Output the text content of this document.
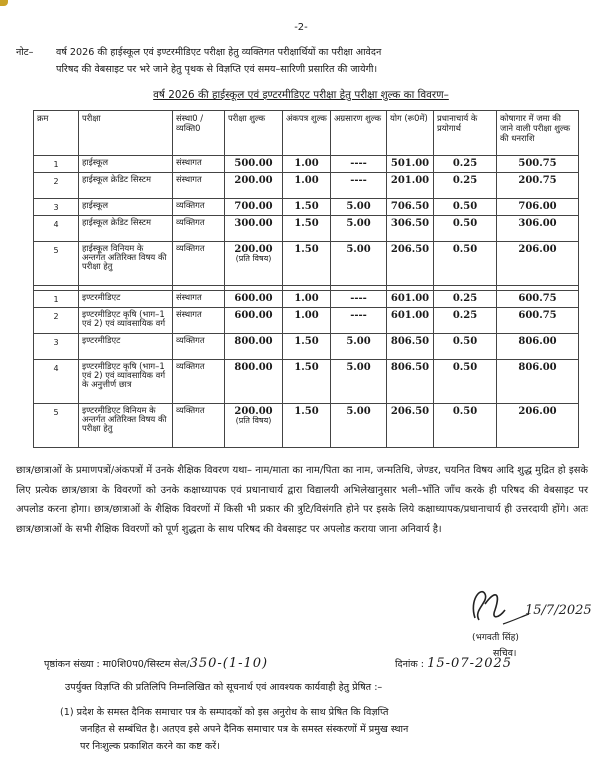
-2-
नोट– वर्ष 2026 की हाईस्कूल एवं इण्टरमीडिएट परीक्षा हेतु व्यक्तिगत परीक्षार्थियों का परीक्षा आवेदन
परिषद की वेबसाइट पर भरे जाने हेतु पृथक से विज्ञप्ति एवं समय–सारिणी प्रसारित की जायेगी।
वर्ष 2026 की हाईस्कूल एवं इण्टरमीडिएट परीक्षा हेतु परीक्षा शुल्क का विवरण–
क्रम	परीक्षा	संस्था0 / व्यक्ति0	परीक्षा शुल्क	अंकपत्र शुल्क	अग्रसारण शुल्क	योग (रू0में)	प्रधानाचार्य के प्रयोगार्थ	कोषागार में जमा की जाने वाली परीक्षा शुल्क की धनराशि
1	हाईस्कूल	संस्थागत	500.00	1.00	----	501.00	0.25	500.75
2	हाईस्कूल क्रेडिट सिस्टम	संस्थागत	200.00	1.00	----	201.00	0.25	200.75
3	हाईस्कूल	व्यक्तिगत	700.00	1.50	5.00	706.50	0.50	706.00
4	हाईस्कूल क्रेडिट सिस्टम	व्यक्तिगत	300.00	1.50	5.00	306.50	0.50	306.00
5	हाईस्कूल विनियम के अन्तर्गत अतिरिक्त विषय की परीक्षा हेतु	व्यक्तिगत	200.00
(प्रति विषय)	1.50	5.00	206.50	0.50	206.00

1	इण्टरमीडिएट	संस्थागत	600.00	1.00	----	601.00	0.25	600.75
2	इण्टरमीडिएट कृषि (भाग–1 एवं 2) एवं व्यावसायिक वर्ग	संस्थागत	600.00	1.00	----	601.00	0.25	600.75
3	इण्टरमीडिएट	व्यक्तिगत	800.00	1.50	5.00	806.50	0.50	806.00
4	इण्टरमीडिएट कृषि (भाग–1 एवं 2) एवं व्यावसायिक वर्ग के अनुत्तीर्ण छात्र	व्यक्तिगत	800.00	1.50	5.00	806.50	0.50	806.00
5	इण्टरमीडिएट विनियम के अन्तर्गत अतिरिक्त विषय की परीक्षा हेतु	व्यक्तिगत	200.00
(प्रति विषय)	1.50	5.00	206.50	0.50	206.00
छात्र/छात्राओं के प्रमाणपत्रों/अंकपत्रों में उनके शैक्षिक विवरण यथा– नाम/माता का नाम/पिता का नाम, जन्मतिथि, जेण्डर, चयनित विषय आदि शुद्ध मुद्रित हो इसके लिए प्रत्येक छात्र/छात्रा के विवरणों को उनके कक्षाध्यापक एवं प्रधानाचार्य द्वारा विद्यालयी अभिलेखानुसार भली–भाँति जाँच करके ही परिषद की वेबसाइट पर अपलोड करना होगा। छात्र/छात्राओं के शैक्षिक विवरणों में किसी भी प्रकार की त्रुटि/विसंगति होने पर इसके लिये कक्षाध्यापक/प्रधानाचार्य ही उत्तरदायी होंगे। अतः छात्र/छात्राओं के सभी शैक्षिक विवरणों को पूर्ण शुद्धता के साथ परिषद की वेबसाइट पर अपलोड कराया जाना अनिवार्य है।
15/7/2025
(भगवती सिंह)
सचिव।
पृष्ठांकन संख्या : मा0शि0प0/सिस्टम सेल/350-(1-10)	दिनांक : 15-07-2025
उपर्युक्त विज्ञप्ति की प्रतिलिपि निम्नलिखित को सूचनार्थ एवं आवश्यक कार्यवाही हेतु प्रेषित :–
(1) प्रदेश के समस्त दैनिक समाचार पत्र के सम्पादकों को इस अनुरोध के साथ प्रेषित कि विज्ञप्ति
जनहित से सम्बंधित है। अतएव इसे अपने दैनिक समाचार पत्र के समस्त संस्करणों में प्रमुख स्थान
पर निःशुल्क प्रकाशित करने का कष्ट करें।
